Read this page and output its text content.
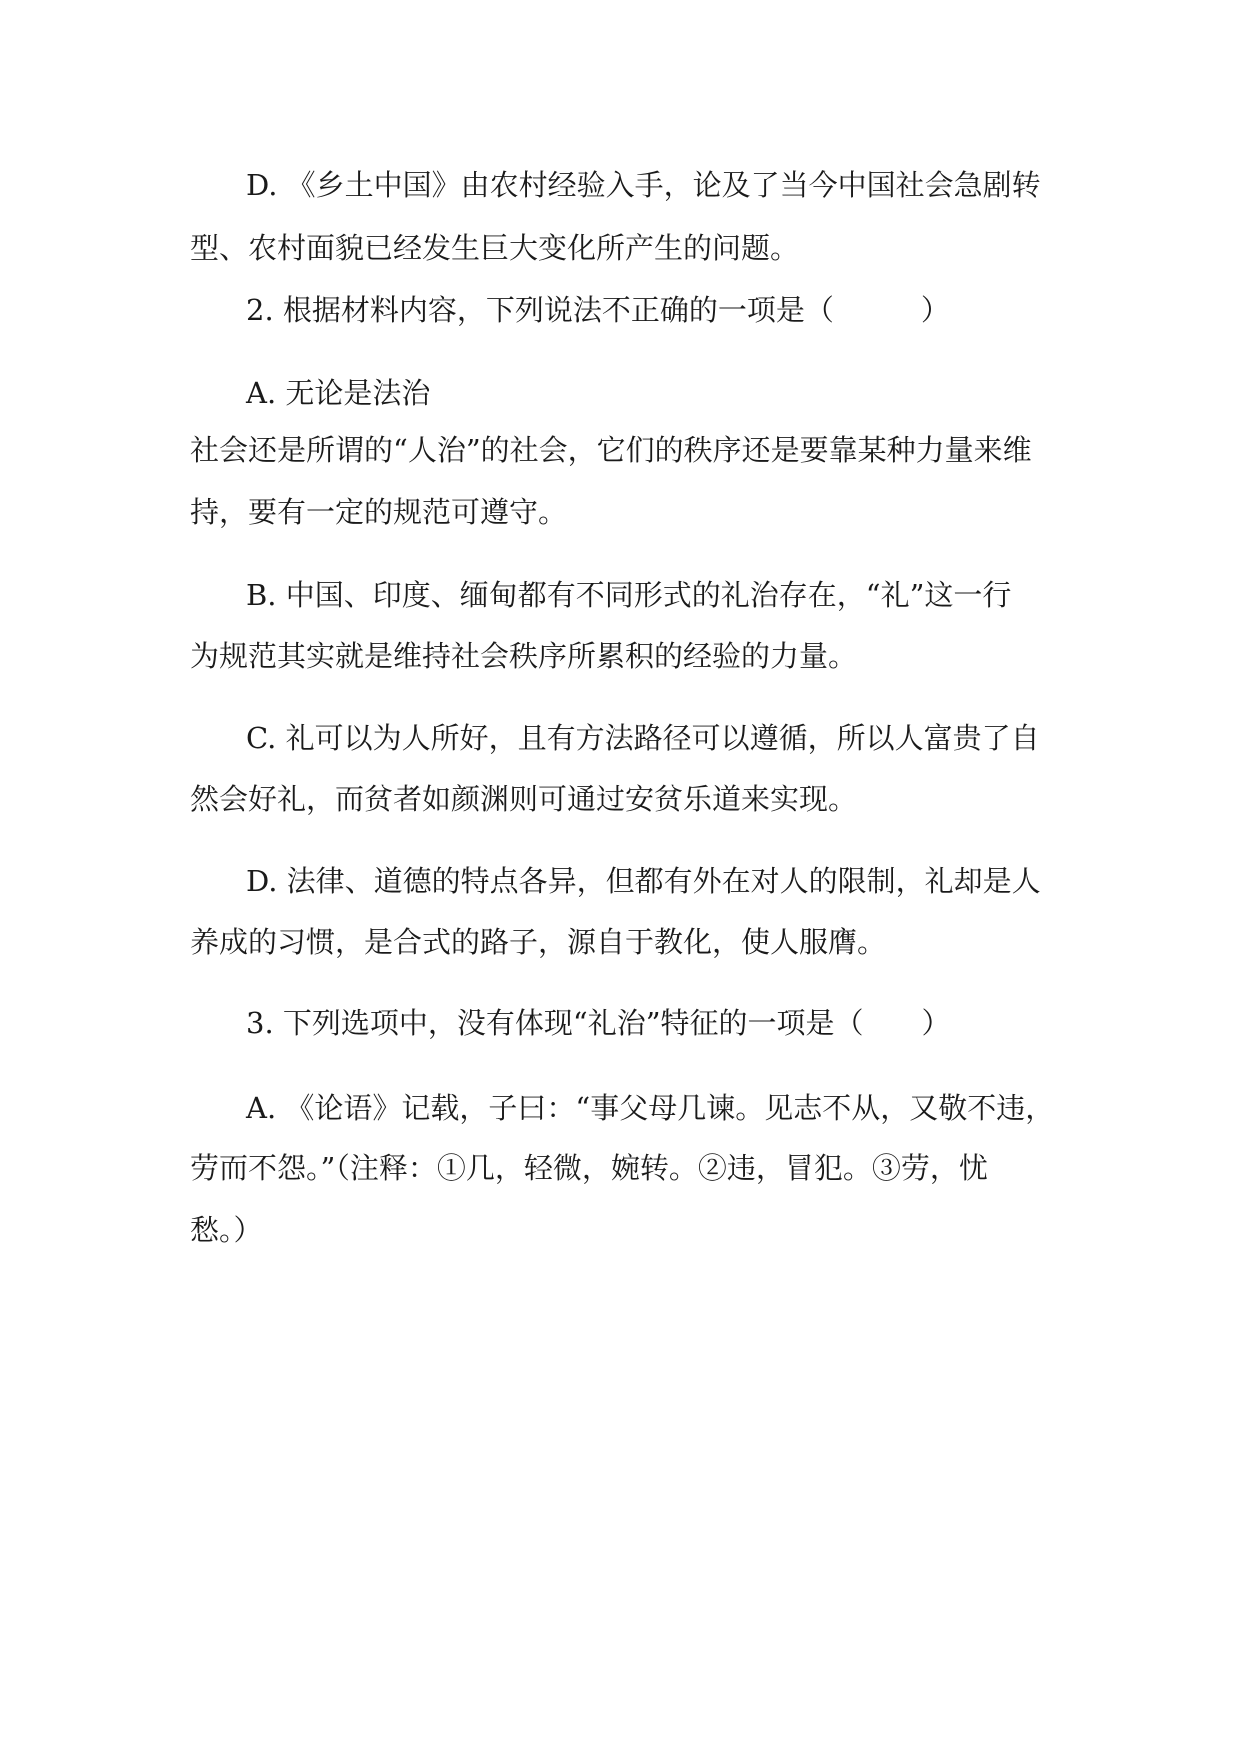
D. 《乡土中国》由农村经验入手，论及了当今中国社会急剧转

型、农村面貌已经发生巨大变化所产生的问题。

2. 根据材料内容，下列说法不正确的一项是（　　　）

A. 无论是法治

社会还是所谓的“人治”的社会，它们的秩序还是要靠某种力量来维

持，要有一定的规范可遵守。

B. 中国、印度、缅甸都有不同形式的礼治存在，“礼”这一行

为规范其实就是维持社会秩序所累积的经验的力量。

C. 礼可以为人所好，且有方法路径可以遵循，所以人富贵了自

然会好礼，而贫者如颜渊则可通过安贫乐道来实现。

D. 法律、道德的特点各异，但都有外在对人的限制，礼却是人

养成的习惯，是合式的路子，源自于教化，使人服膺。

3. 下列选项中，没有体现“礼治”特征的一项是（　　）

A. 《论语》记载，子曰：“事父母几谏。见志不从，又敬不违，

劳而不怨。”（注释：①几，轻微，婉转。②违，冒犯。③劳，忧

愁。）
